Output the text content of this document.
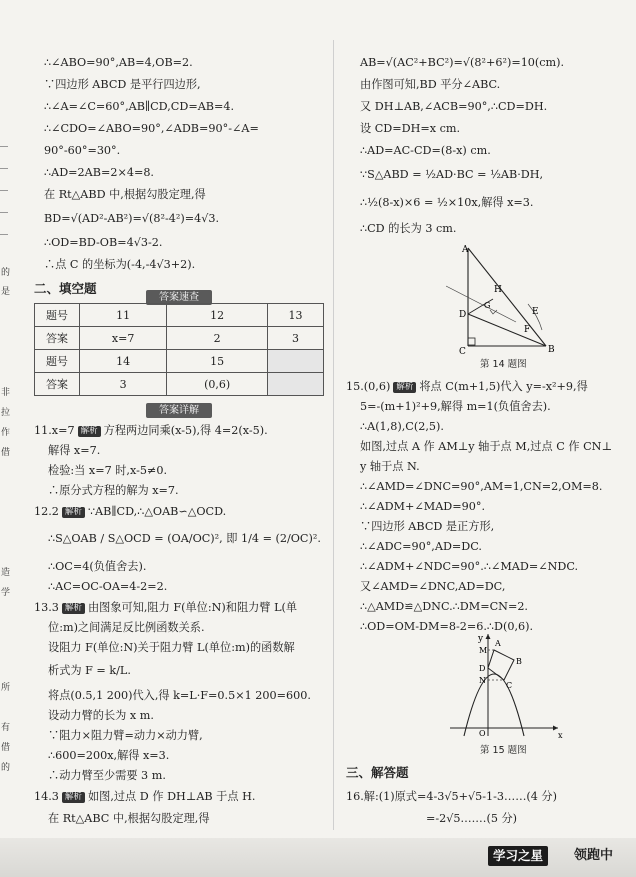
的
是
非
拉
作
借
造
学
所
有
借
的
∴∠ABO=90°,AB=4,OB=2.
∵四边形 ABCD 是平行四边形,
∴∠A=∠C=60°,AB∥CD,CD=AB=4.
∴∠CDO=∠ABO=90°,∠ADB=90°-∠A=
90°-60°=30°.
∴AD=2AB=2×4=8.
在 Rt△ABD 中,根据勾股定理,得
BD=√(AD²-AB²)=√(8²-4²)=4√3.
∴OD=BD-OB=4√3-2.
∴点 C 的坐标为(-4,-4√3+2).
二、填空题
答案速查
题号	11	12	13
答案	x=7	2	3
题号	14	15	
答案	3	(0,6)	
答案详解
11.x=7 解析 方程两边同乘(x-5),得 4=2(x-5).
解得 x=7.
检验:当 x=7 时,x-5≠0.
∴原分式方程的解为 x=7.
12.2 解析 ∵AB∥CD,∴△OAB∽△OCD.
∴S△OAB / S△OCD = (OA/OC)², 即 1/4 = (2/OC)².
∴OC=4(负值舍去).
∴AC=OC-OA=4-2=2.
13.3 解析 由图象可知,阻力 F(单位:N)和阻力臂 L(单
位:m)之间满足反比例函数关系.
设阻力 F(单位:N)关于阻力臂 L(单位:m)的函数解
析式为 F = k/L.
将点(0.5,1 200)代入,得 k=L·F=0.5×1 200=600.
设动力臂的长为 x m.
∵阻力×阻力臂=动力×动力臂,
∴600=200x,解得 x=3.
∴动力臂至少需要 3 m.
14.3 解析 如图,过点 D 作 DH⊥AB 于点 H.
在 Rt△ABC 中,根据勾股定理,得
AB=√(AC²+BC²)=√(8²+6²)=10(cm).
由作图可知,BD 平分∠ABC.
又 DH⊥AB,∠ACB=90°,∴CD=DH.
设 CD=DH=x cm.
∴AD=AC-CD=(8-x) cm.
∵S△ABD = ½AD·BC = ½AB·DH,
∴½(8-x)×6 = ½×10x,解得 x=3.
∴CD 的长为 3 cm.
A
H
G
D	E
F
C	B
第 14 题图
15.(0,6) 解析 将点 C(m+1,5)代入 y=-x²+9,得
5=-(m+1)²+9,解得 m=1(负值舍去).
∴A(1,8),C(2,5).
如图,过点 A 作 AM⊥y 轴于点 M,过点 C 作 CN⊥
y 轴于点 N.
∴∠AMD=∠DNC=90°,AM=1,CN=2,OM=8.
∴∠ADM+∠MAD=90°.
∵四边形 ABCD 是正方形,
∴∠ADC=90°,AD=DC.
∴∠ADM+∠NDC=90°.∴∠MAD=∠NDC.
又∠AMD=∠DNC,AD=DC,
∴△AMD≌△DNC.∴DM=CN=2.
∴OD=OM-DM=8-2=6.∴D(0,6).
y A
M
D
N
B
C
O	x
第 15 题图
三、解答题
16.解:(1)原式=4-3√5+√5-1-3……(4 分)
=-2√5.……(5 分)
学习之星	领跑中
